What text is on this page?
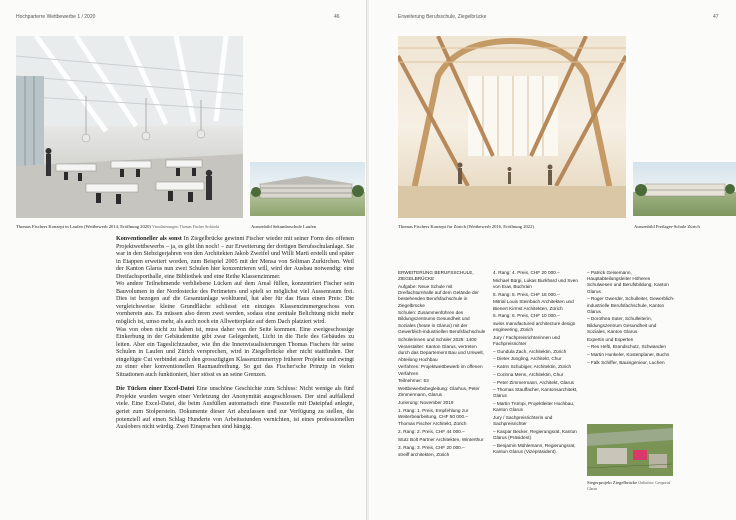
Hochparterre Wettbewerbe 1 / 2020	46
Thomas Fischers Konzept in Laufen (Wettbewerb 2014, Eröffnung 2020) Visualisierungen: Thomas Fischer Architekt	Aussenbild Sekundarschule Laufen

Konventioneller als sonst In Ziegelbrücke gewinnt Fischer wieder mit seiner Form des offenen Projektwettbewerbs – ja, es gibt ihn noch! – zur Erweiterung der dortigen Berufsschulanlage. Sie war in den Siebzigerjahren von den Architekten Jakob Zweifel und Willi Marti erstellt und später in Etappen erweitert worden, zum Beispiel 2005 mit der Mensa von Soliman Zurkirchen. Weil der Kanton Glarus nun zwei Schulen hier konzentrieren will, wird der Ausbau notwendig: eine Dreifachsporthalle, eine Bibliothek und eine Reihe Klassenzimmer.

Wo andere Teilnehmende verbliebene Lücken auf dem Areal füllen, konzentriert Fischer sein Bauvolumen in der Nordostecke des Perimeters und spielt so möglichst viel Aussenraum frei. Dies ist bezogen auf die Gesamtanlage wohltuend, hat aber für das Haus einen Preis: Die vergleichsweise kleine Grundfläche schliesst ein einziges Klassenzimmergeschoss von vornherein aus. Es müssen also deren zwei werden, sodass eine zenitale Belichtung nicht mehr möglich ist, umso mehr, als auch noch ein Allwetterplatz auf dem Dach platziert wird.

Was von oben nicht zu haben ist, muss daher von der Seite kommen. Eine zweigeschossige Einkerbung in der Gebäudemitte gibt zwar Gelegenheit, Licht in die Tiefe des Gebäudes zu leiten. Aber ein Tageslichtzauber, wie ihn die Innenvisualisierungen Thomas Fischers für seine Schulen in Laufen und Zürich versprechen, wird in Ziegelbrücke eher nicht stattfinden. Der eingefügte Cut verbindet auch den grosszügigen Klassenzimmertyp früherer Projekte und zwingt zu einer eher konventionellen Raumaufreihung. So gut das Fischer'sche Prinzip in vielen Situationen auch funktioniert, hier stösst es an seine Grenzen.

Die Tücken einer Excel-Datei Eine unschöne Geschichte zum Schluss: Nicht wenige als fünf Projekte wurden wegen einer Verletzung der Anonymität ausgeschlossen. Der sind auffallend viele. Eine Excel-Datei, die beim Ausfüllen automatisch eine Fusszeile mit Dateipfad anlegte, geriet zum Stolperstein. Dokumente dieser Art abzufassen und zur Verfügung zu stellen, die potenziell auf einen Schlag Hunderte von Arbeitsstunden vernichten, ist eines professionellen Auslobers nicht würdig. Zwei Einsprachen sind hängig.

Erweiterung Berufsschule, Ziegelbrücke	47
Thomas Fischers Konzept für Zürich (Wettbewerb 2016, Eröffnung 2022)	Aussenbild Freilager-Schule Zürich
ERWEITERUNG BERUFSSCHULE, ZIEGELBRÜCKE
Aufgabe: Neue Schule mit Dreifachturnhalle auf dem Gelände der bestehenden Berufsfachschule in Ziegelbrücke
Schulen: Zusammenführen des Bildungszentrums Gesundheit und Soziales (heute in Glarus) mit der Gewerblich-industriellen Berufsfachschule
Schülerinnen und Schüler 2025: 1400
Veranstalter: Kanton Glarus, vertreten durch das Departement Bau und Umwelt, Abteilung Hochbau
Verfahren: Projektwettbewerb im offenen Verfahren
Teilnehmer: 53
Wettbewerbsbegleitung: Glarhus, Peter Zimmermann, Glarus
Jurierung: November 2019
1. Rang: 1. Preis, Empfehlung zur Weiterbearbeitung, CHF 50 000.–
Thomas Fischer Architekt, Zürich
2. Rang: 2. Preis, CHF 44 000.–
Stutz Bolt Partner Architekten, Winterthur
3. Rang: 3. Preis, CHF 20 000.–
streiff architekten, Zürich
4. Rang: 4. Preis, CHF 20 000.–
Michael Bürgi, Lukas Burkhard und Sven von Euw, Buchrain
5. Rang: 5. Preis, CHF 18 000.–
Mitrial Louis Steinbach Architekten und Bienert Kirmst Architekten, Zürich
6. Rang: 6. Preis, CHF 10 000.–
swiss manufactured architecture design engineering, Zürich
Jury / Fachpreisrichterinnen und Fachpreisrichter
– Gundula Zach, Architektin, Zürich
– Dieter Jüngling, Architekt, Chur
– Katrin Schubiger, Architektin, Zürich
– Corinna Menn, Architektin, Chur
– Peter Zimmermann, Architekt, Glarus
– Thomas Stauffacher, Kantonsarchitekt, Glarus
– Martin Trümpi, Projektleiter Hochbau, Kanton Glarus
Jury / Sachpreisrichterin und Sachpreisrichter
– Kaspar Becker, Regierungsrat, Kanton Glarus (Präsident)
– Benjamin Mühlemann, Regierungsrat, Kanton Glarus (Vizepräsident)
– Patrick Geisemann, Hauptabteilungsleiter Höheres Schulwesen und Berufsbildung, Kanton Glarus
– Roger Gwerder, Schulleiter, Gewerblich-industrielle Berufsfachschule, Kanton Glarus
– Dorothea Suter, Schulleiterin, Bildungszentrum Gesundheit und Soziales, Kanton Glarus
Expertin und Experten
– Res Hefti, Brandschutz, Schwanden
– Martin Hunkeler, Kostenplaner, Buchs
– Falk Schiffer, Bauingenieur, Luchen
Siegerprojekt Ziegelbrücke Orthofoto: Geoportal Glarus
